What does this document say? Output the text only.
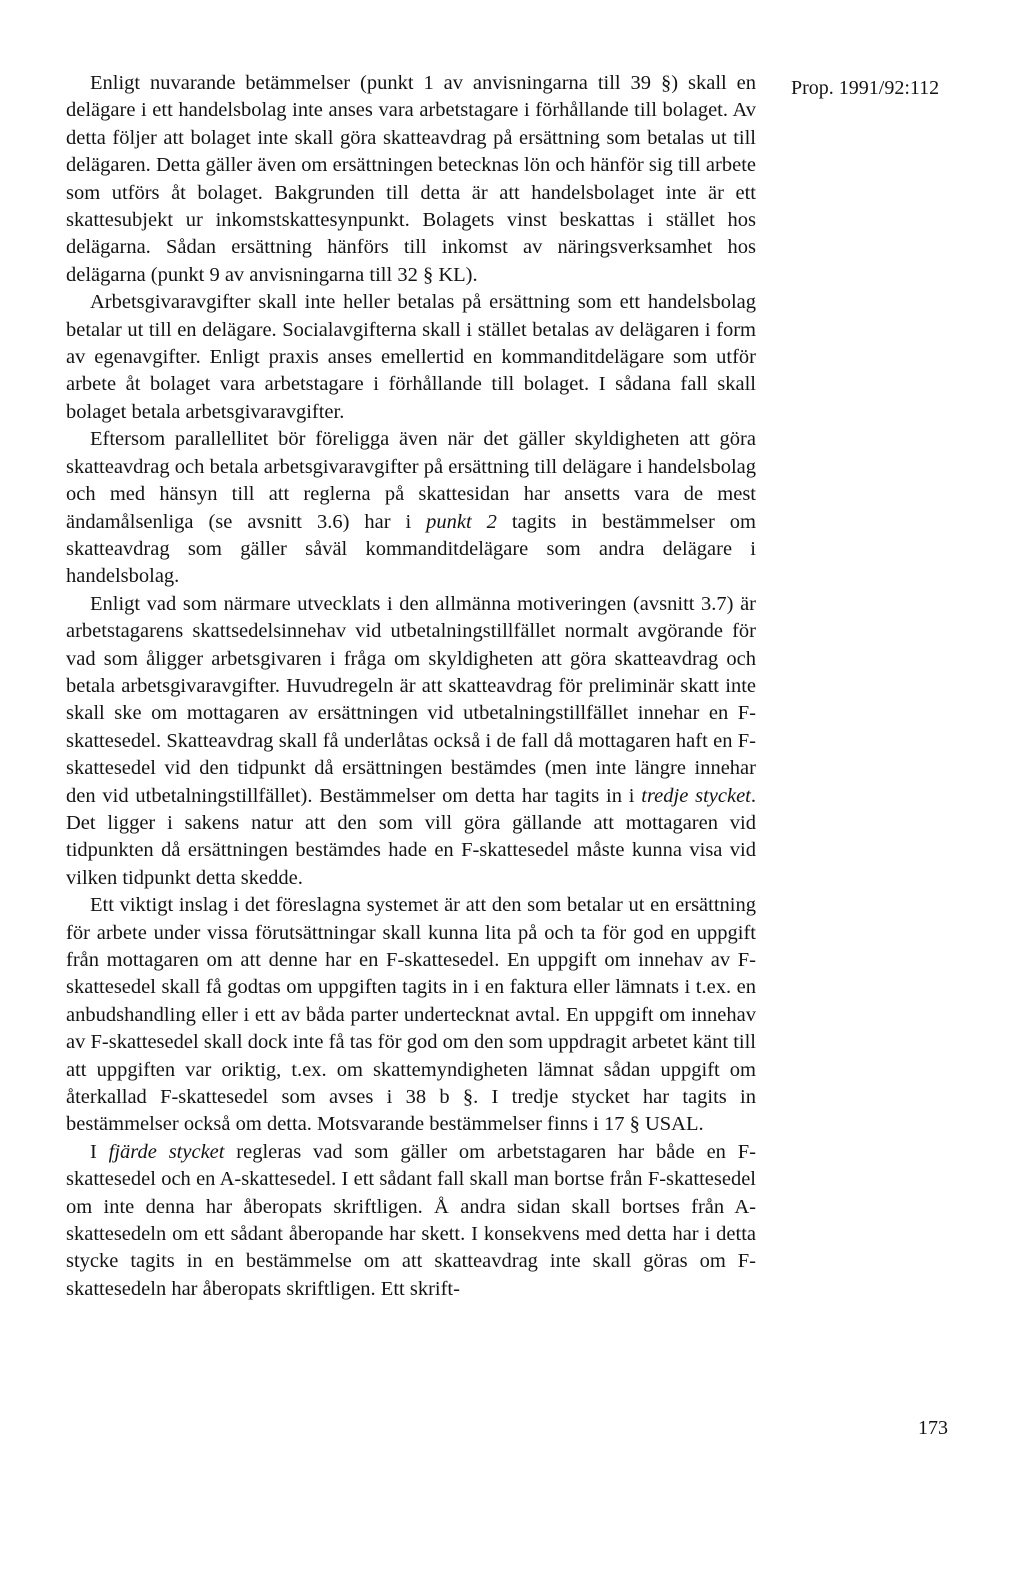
Prop. 1991/92:112

Enligt nuvarande betämmelser (punkt 1 av anvisningarna till 39 §) skall en delägare i ett handelsbolag inte anses vara arbetstagare i förhållande till bolaget. Av detta följer att bolaget inte skall göra skatteavdrag på ersättning som betalas ut till delägaren. Detta gäller även om ersättningen betecknas lön och hänför sig till arbete som utförs åt bolaget. Bakgrunden till detta är att handelsbolaget inte är ett skattesubjekt ur inkomstskattesynpunkt. Bolagets vinst beskattas i stället hos delägarna. Sådan ersättning hänförs till inkomst av näringsverksamhet hos delägarna (punkt 9 av anvisningarna till 32 § KL).

Arbetsgivaravgifter skall inte heller betalas på ersättning som ett handelsbolag betalar ut till en delägare. Socialavgifterna skall i stället betalas av delägaren i form av egenavgifter. Enligt praxis anses emellertid en kommanditdelägare som utför arbete åt bolaget vara arbetstagare i förhållande till bolaget. I sådana fall skall bolaget betala arbetsgivaravgifter.

Eftersom parallellitet bör föreligga även när det gäller skyldigheten att göra skatteavdrag och betala arbetsgivaravgifter på ersättning till delägare i handelsbolag och med hänsyn till att reglerna på skattesidan har ansetts vara de mest ändamålsenliga (se avsnitt 3.6) har i punkt 2 tagits in bestämmelser om skatteavdrag som gäller såväl kommanditdelägare som andra delägare i handelsbolag.

Enligt vad som närmare utvecklats i den allmänna motiveringen (avsnitt 3.7) är arbetstagarens skattsedelsinnehav vid utbetalningstillfället normalt avgörande för vad som åligger arbetsgivaren i fråga om skyldigheten att göra skatteavdrag och betala arbetsgivaravgifter. Huvudregeln är att skatteavdrag för preliminär skatt inte skall ske om mottagaren av ersättningen vid utbetalningstillfället innehar en F-skattesedel. Skatteavdrag skall få underlåtas också i de fall då mottagaren haft en F-skattesedel vid den tidpunkt då ersättningen bestämdes (men inte längre innehar den vid utbetalningstillfället). Bestämmelser om detta har tagits in i tredje stycket. Det ligger i sakens natur att den som vill göra gällande att mottagaren vid tidpunkten då ersättningen bestämdes hade en F-skattesedel måste kunna visa vid vilken tidpunkt detta skedde.

Ett viktigt inslag i det föreslagna systemet är att den som betalar ut en ersättning för arbete under vissa förutsättningar skall kunna lita på och ta för god en uppgift från mottagaren om att denne har en F-skattesedel. En uppgift om innehav av F-skattesedel skall få godtas om uppgiften tagits in i en faktura eller lämnats i t.ex. en anbudshandling eller i ett av båda parter undertecknat avtal. En uppgift om innehav av F-skattesedel skall dock inte få tas för god om den som uppdragit arbetet känt till att uppgiften var oriktig, t.ex. om skattemyndigheten lämnat sådan uppgift om återkallad F-skattesedel som avses i 38 b §. I tredje stycket har tagits in bestämmelser också om detta. Motsvarande bestämmelser finns i 17 § USAL.

I fjärde stycket regleras vad som gäller om arbetstagaren har både en F-skattesedel och en A-skattesedel. I ett sådant fall skall man bortse från F-skattesedel om inte denna har åberopats skriftligen. Å andra sidan skall bortses från A-skattesedeln om ett sådant åberopande har skett. I konsekvens med detta har i detta stycke tagits in en bestämmelse om att skatteavdrag inte skall göras om F-skattesedeln har åberopats skriftligen. Ett skrift-

173
